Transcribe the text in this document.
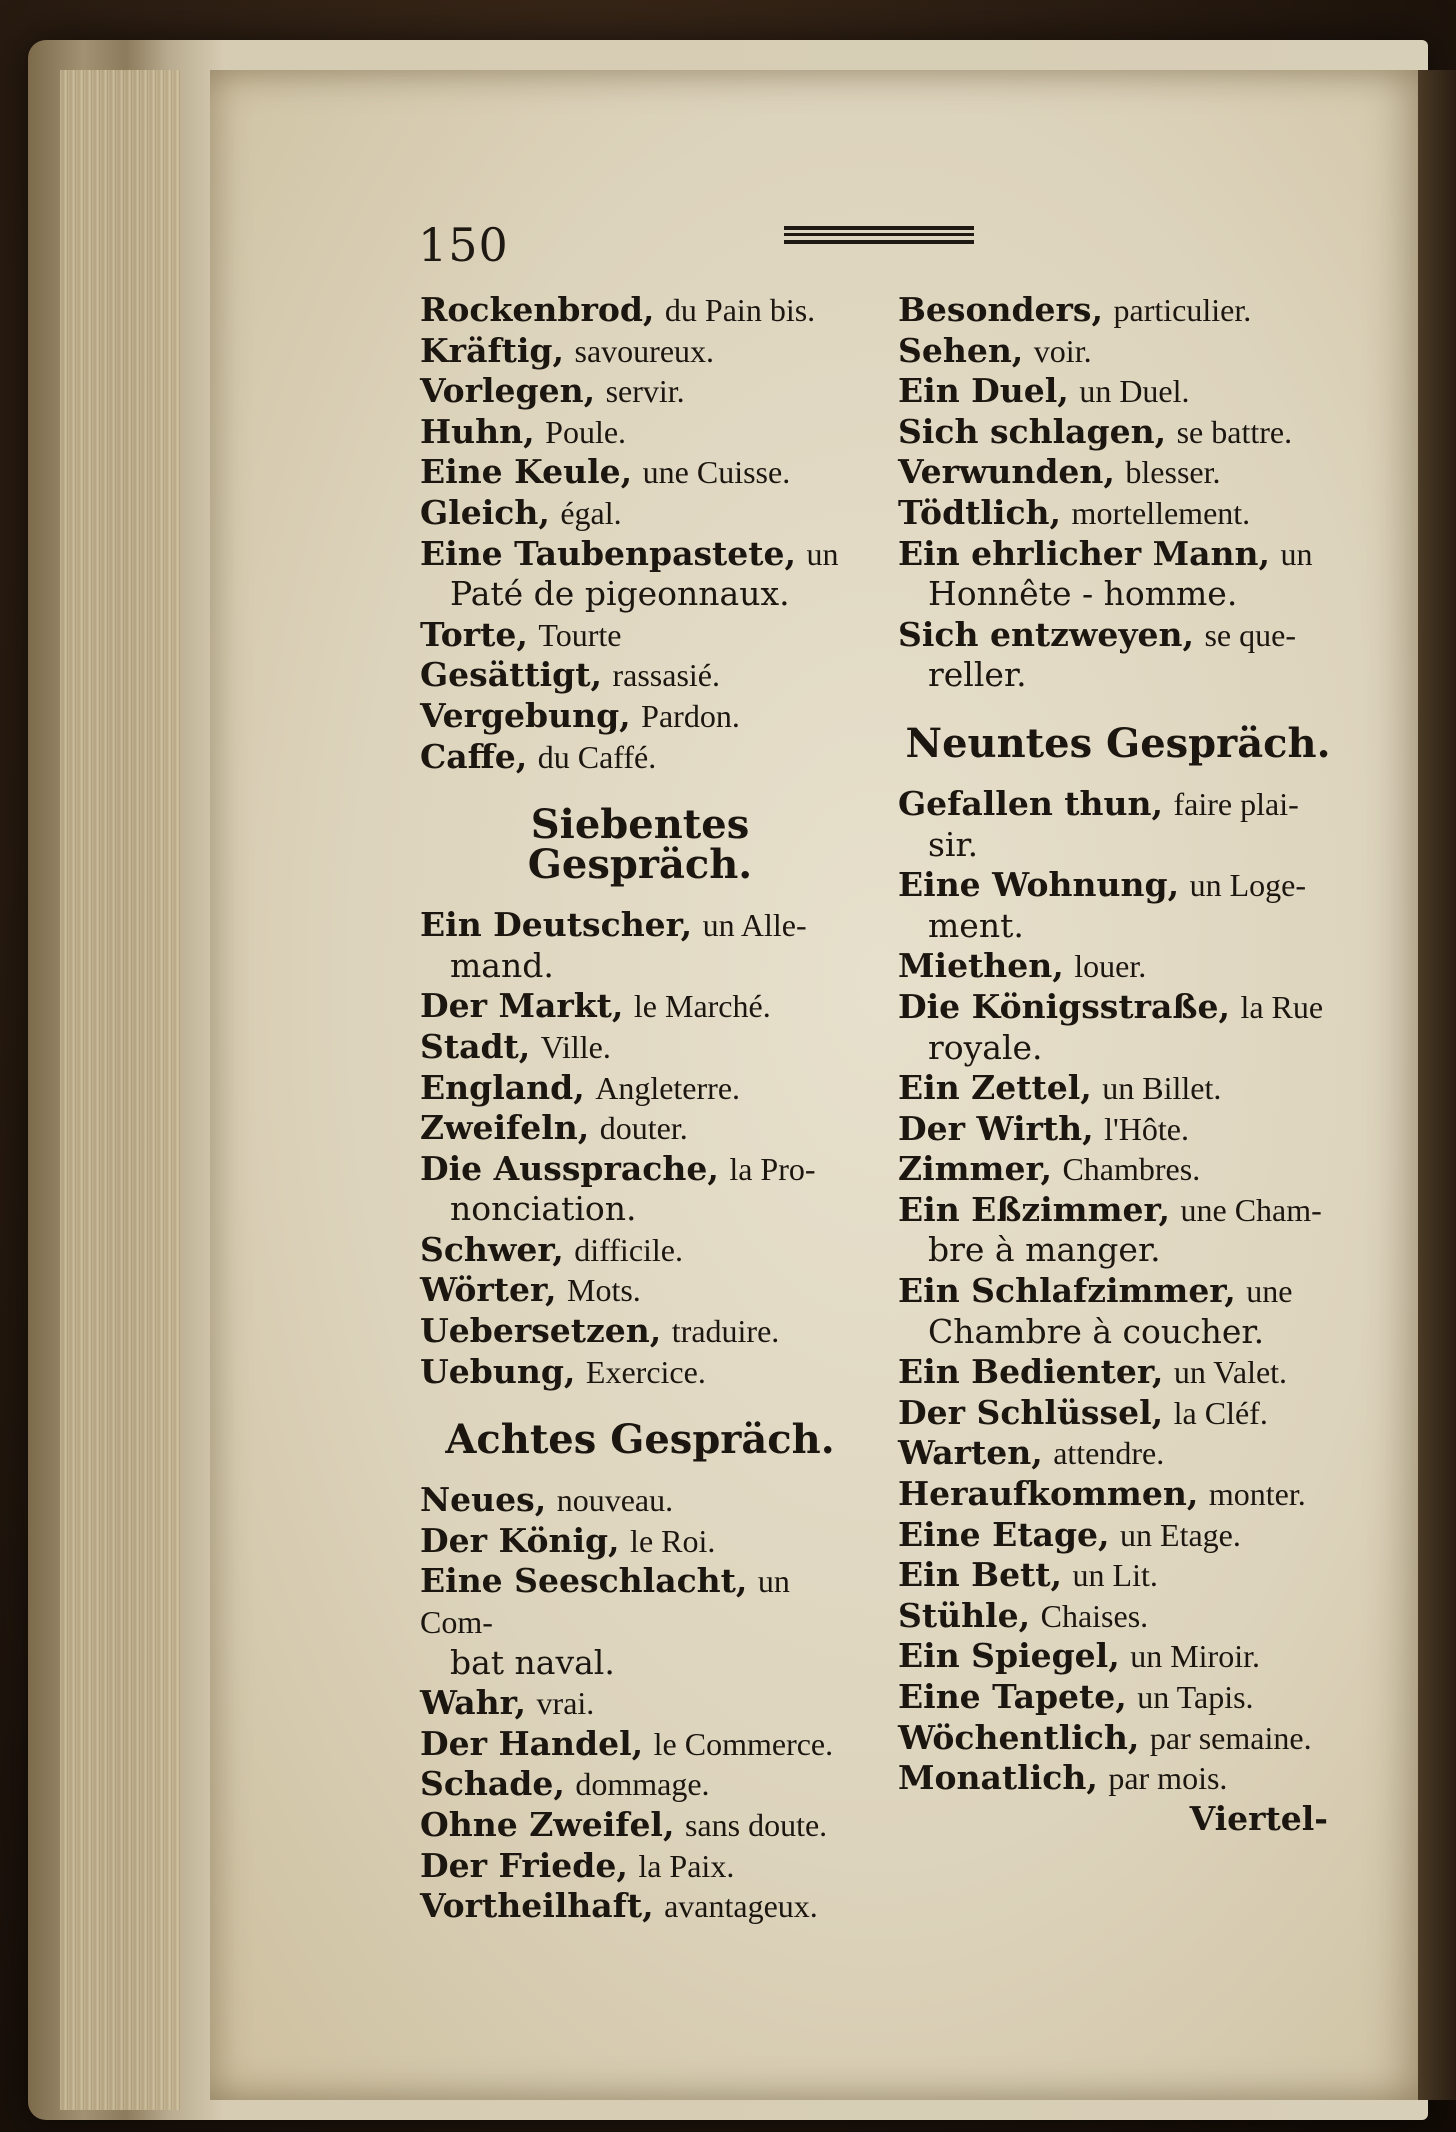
150
Rockenbrod, du Pain bis.
Kräftig, savoureux.
Vorlegen, servir.
Huhn, Poule.
Eine Keule, une Cuisse.
Gleich, égal.
Eine Taubenpastete, un
Paté de pigeonnaux.
Torte, Tourte
Gesättigt, rassasié.
Vergebung, Pardon.
Caffe, du Caffé.
Siebentes Gespräch.
Ein Deutscher, un Alle-
mand.
Der Markt, le Marché.
Stadt, Ville.
England, Angleterre.
Zweifeln, douter.
Die Aussprache, la Pro-
nonciation.
Schwer, difficile.
Wörter, Mots.
Uebersetzen, traduire.
Uebung, Exercice.
Achtes Gespräch.
Neues, nouveau.
Der König, le Roi.
Eine Seeschlacht, un Com-
bat naval.
Wahr, vrai.
Der Handel, le Commerce.
Schade, dommage.
Ohne Zweifel, sans doute.
Der Friede, la Paix.
Vortheilhaft, avantageux.
Besonders, particulier.
Sehen, voir.
Ein Duel, un Duel.
Sich schlagen, se battre.
Verwunden, blesser.
Tödtlich, mortellement.
Ein ehrlicher Mann, un
Honnête - homme.
Sich entzweyen, se que-
reller.
Neuntes Gespräch.
Gefallen thun, faire plai-
sir.
Eine Wohnung, un Loge-
ment.
Miethen, louer.
Die Königsstraße, la Rue
royale.
Ein Zettel, un Billet.
Der Wirth, l'Hôte.
Zimmer, Chambres.
Ein Eßzimmer, une Cham-
bre à manger.
Ein Schlafzimmer, une
Chambre à coucher.
Ein Bedienter, un Valet.
Der Schlüssel, la Cléf.
Warten, attendre.
Heraufkommen, monter.
Eine Etage, un Etage.
Ein Bett, un Lit.
Stühle, Chaises.
Ein Spiegel, un Miroir.
Eine Tapete, un Tapis.
Wöchentlich, par semaine.
Monatlich, par mois.
Viertel-
